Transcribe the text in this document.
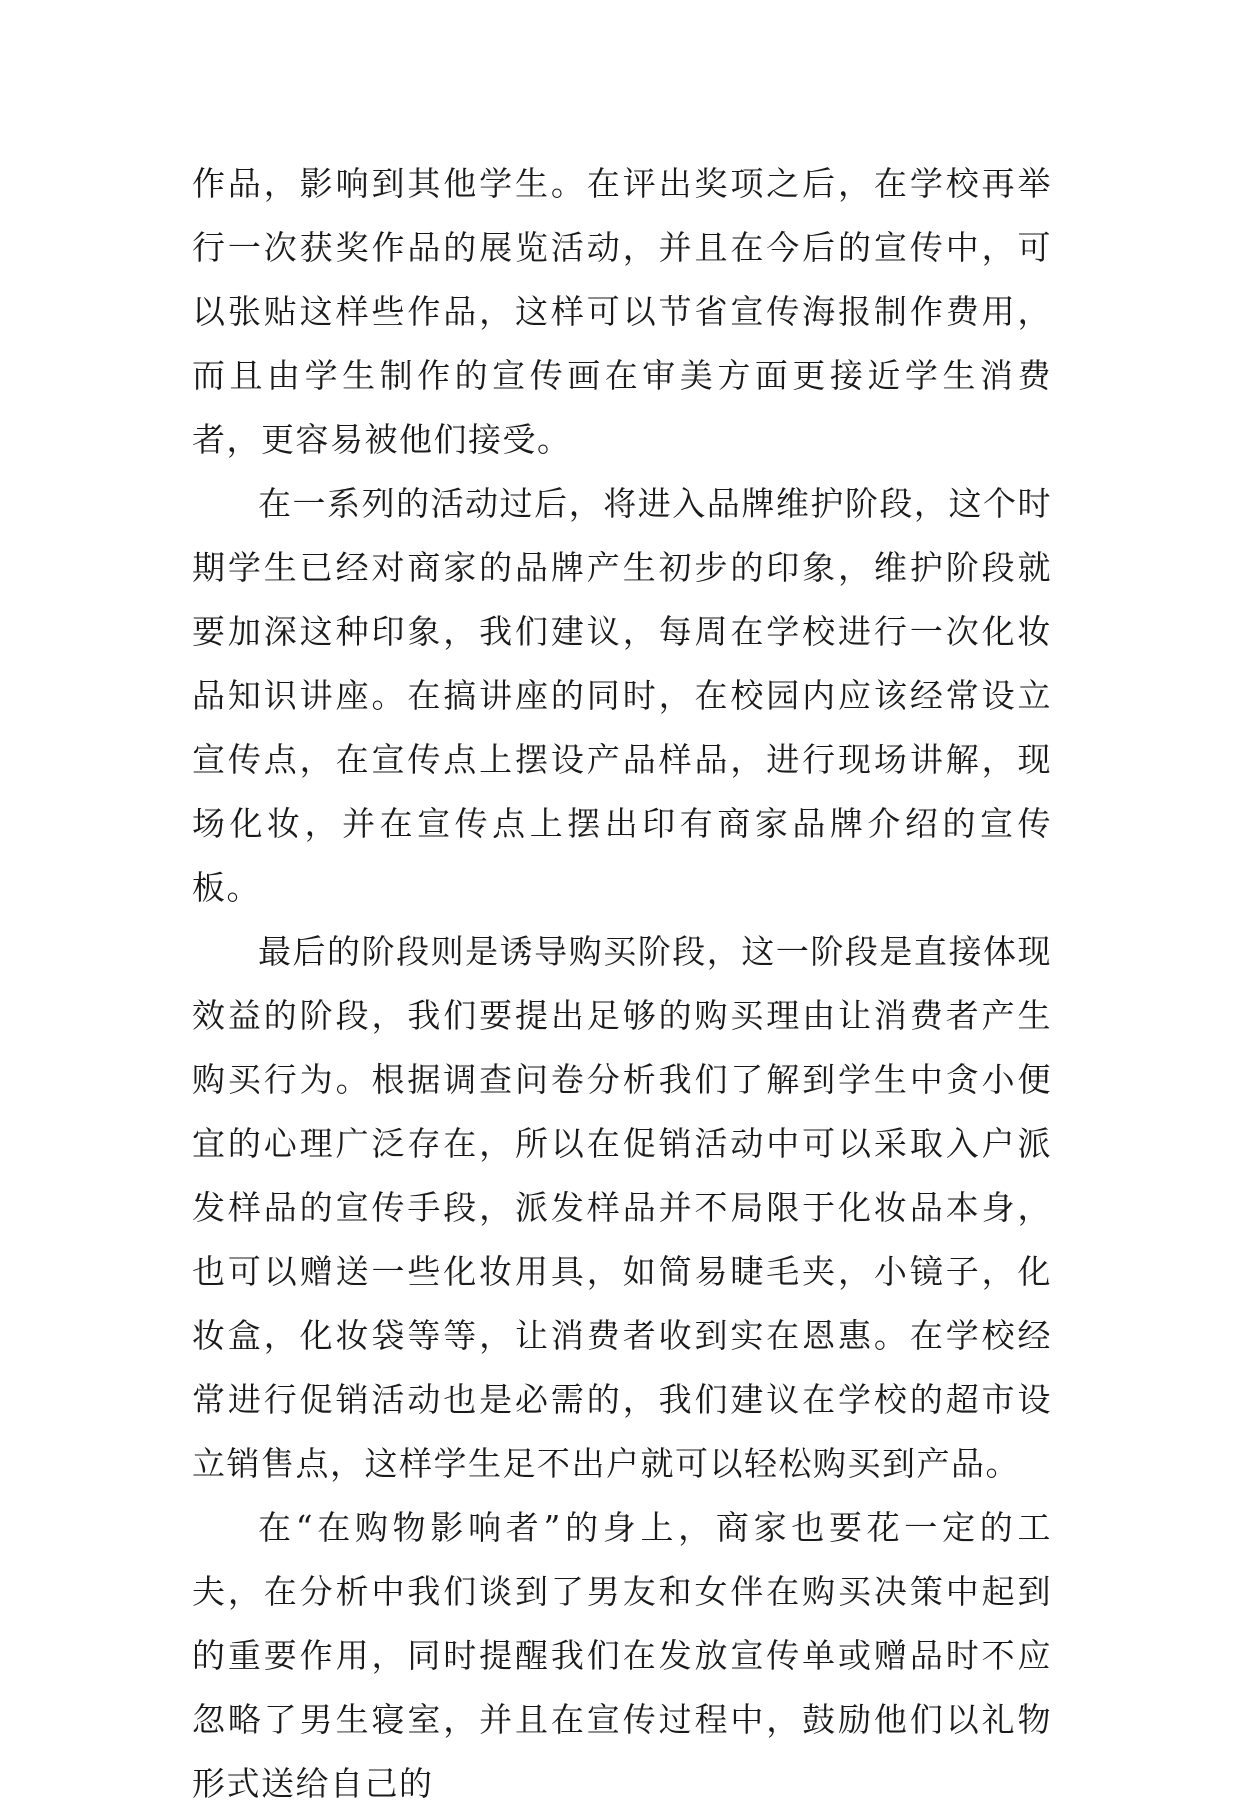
作品，影响到其他学生。在评出奖项之后，在学校再举行一次获奖作品的展览活动，并且在今后的宣传中，可以张贴这样些作品，这样可以节省宣传海报制作费用，而且由学生制作的宣传画在审美方面更接近学生消费者，更容易被他们接受。

在一系列的活动过后，将进入品牌维护阶段，这个时期学生已经对商家的品牌产生初步的印象，维护阶段就要加深这种印象，我们建议，每周在学校进行一次化妆品知识讲座。在搞讲座的同时，在校园内应该经常设立宣传点，在宣传点上摆设产品样品，进行现场讲解，现场化妆，并在宣传点上摆出印有商家品牌介绍的宣传板。

最后的阶段则是诱导购买阶段，这一阶段是直接体现效益的阶段，我们要提出足够的购买理由让消费者产生购买行为。根据调查问卷分析我们了解到学生中贪小便宜的心理广泛存在，所以在促销活动中可以采取入户派发样品的宣传手段，派发样品并不局限于化妆品本身，也可以赠送一些化妆用具，如简易睫毛夹，小镜子，化妆盒，化妆袋等等，让消费者收到实在恩惠。在学校经常进行促销活动也是必需的，我们建议在学校的超市设立销售点，这样学生足不出户就可以轻松购买到产品。

在“在购物影响者”的身上，商家也要花一定的工夫，在分析中我们谈到了男友和女伴在购买决策中起到的重要作用，同时提醒我们在发放宣传单或赠品时不应忽略了男生寝室，并且在宣传过程中，鼓励他们以礼物形式送给自己的
